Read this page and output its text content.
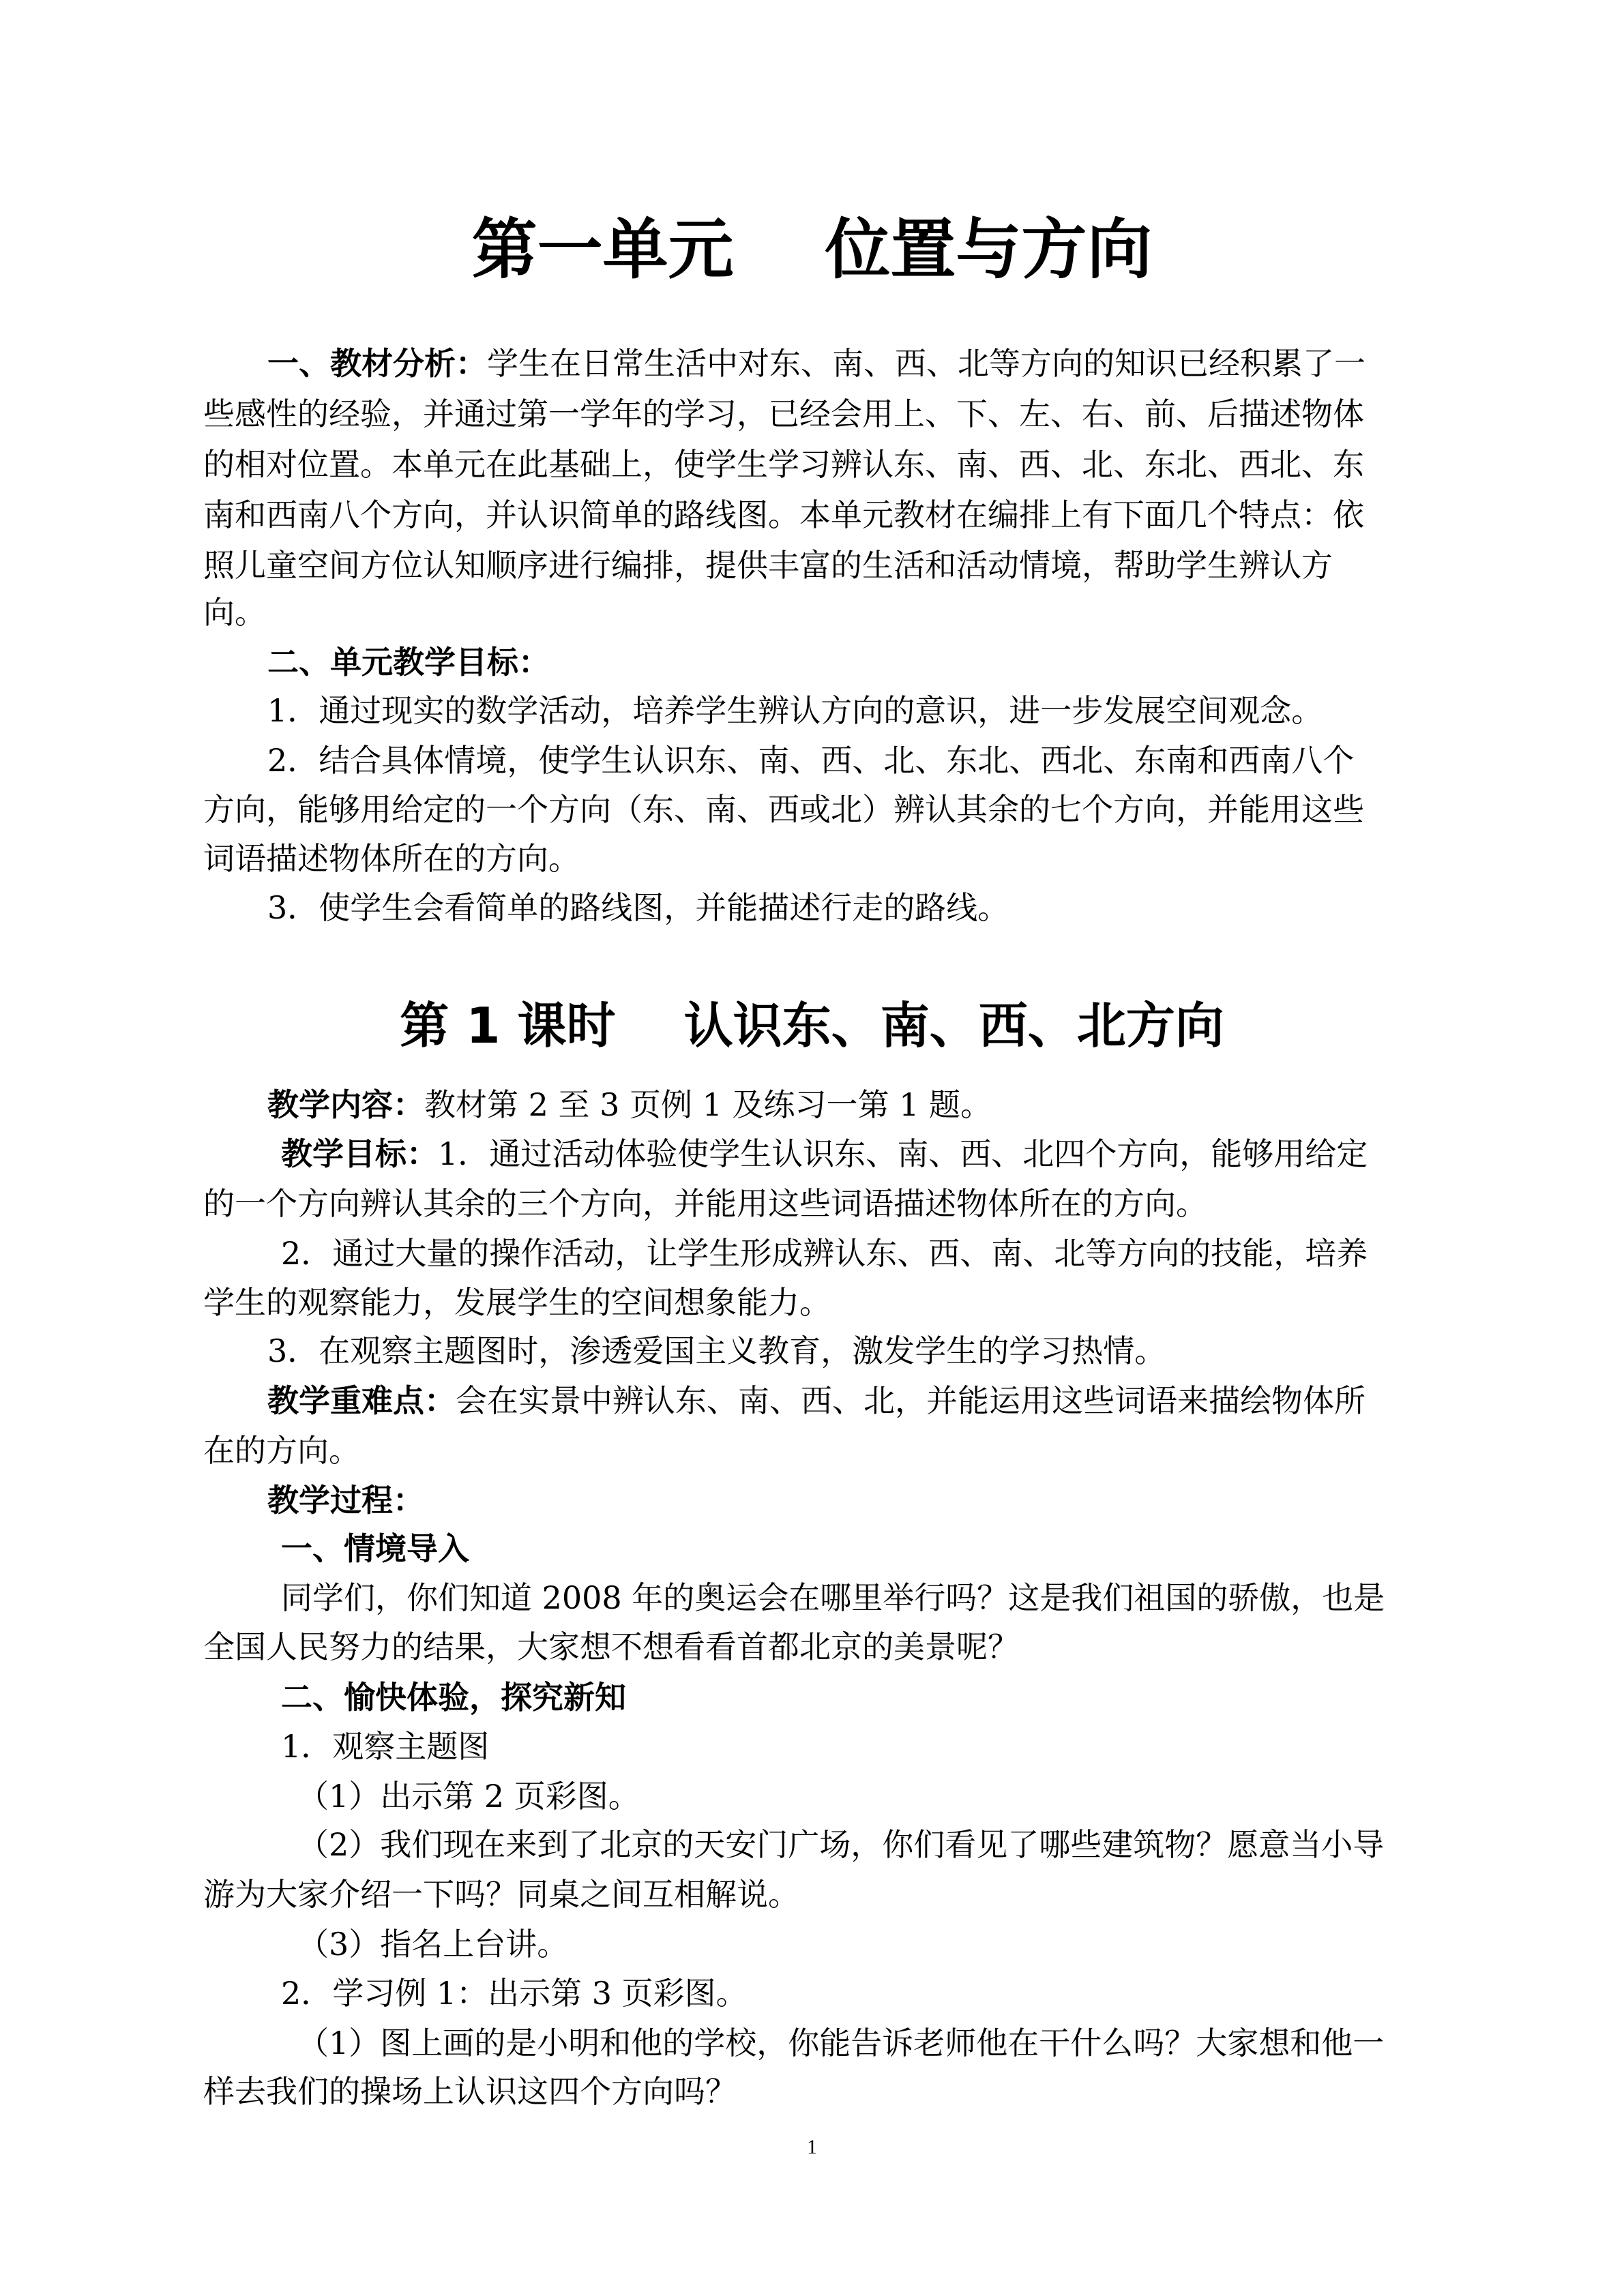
第一单元    位置与方向
一、教材分析：学生在日常生活中对东、南、西、北等方向的知识已经积累了一
些感性的经验，并通过第一学年的学习，已经会用上、下、左、右、前、后描述物体
的相对位置。本单元在此基础上，使学生学习辨认东、南、西、北、东北、西北、东
南和西南八个方向，并认识简单的路线图。本单元教材在编排上有下面几个特点：依
照儿童空间方位认知顺序进行编排，提供丰富的生活和活动情境，帮助学生辨认方
向。
二、单元教学目标：
1．通过现实的数学活动，培养学生辨认方向的意识，进一步发展空间观念。
2．结合具体情境，使学生认识东、南、西、北、东北、西北、东南和西南八个
方向，能够用给定的一个方向（东、南、西或北）辨认其余的七个方向，并能用这些
词语描述物体所在的方向。
3．使学生会看简单的路线图，并能描述行走的路线。
第 1 课时    认识东、南、西、北方向
教学内容：教材第 2 至 3 页例 1 及练习一第 1 题。
教学目标：1．通过活动体验使学生认识东、南、西、北四个方向，能够用给定
的一个方向辨认其余的三个方向，并能用这些词语描述物体所在的方向。
2．通过大量的操作活动，让学生形成辨认东、西、南、北等方向的技能，培养
学生的观察能力，发展学生的空间想象能力。
3．在观察主题图时，渗透爱国主义教育，激发学生的学习热情。
教学重难点：会在实景中辨认东、南、西、北，并能运用这些词语来描绘物体所
在的方向。
教学过程：
一、情境导入
同学们，你们知道 2008 年的奥运会在哪里举行吗？这是我们祖国的骄傲，也是
全国人民努力的结果，大家想不想看看首都北京的美景呢？
二、愉快体验，探究新知
1．观察主题图
（1）出示第 2 页彩图。
（2）我们现在来到了北京的天安门广场，你们看见了哪些建筑物？愿意当小导
游为大家介绍一下吗？同桌之间互相解说。
（3）指名上台讲。
2．学习例 1：出示第 3 页彩图。
（1）图上画的是小明和他的学校，你能告诉老师他在干什么吗？大家想和他一
样去我们的操场上认识这四个方向吗？
1
